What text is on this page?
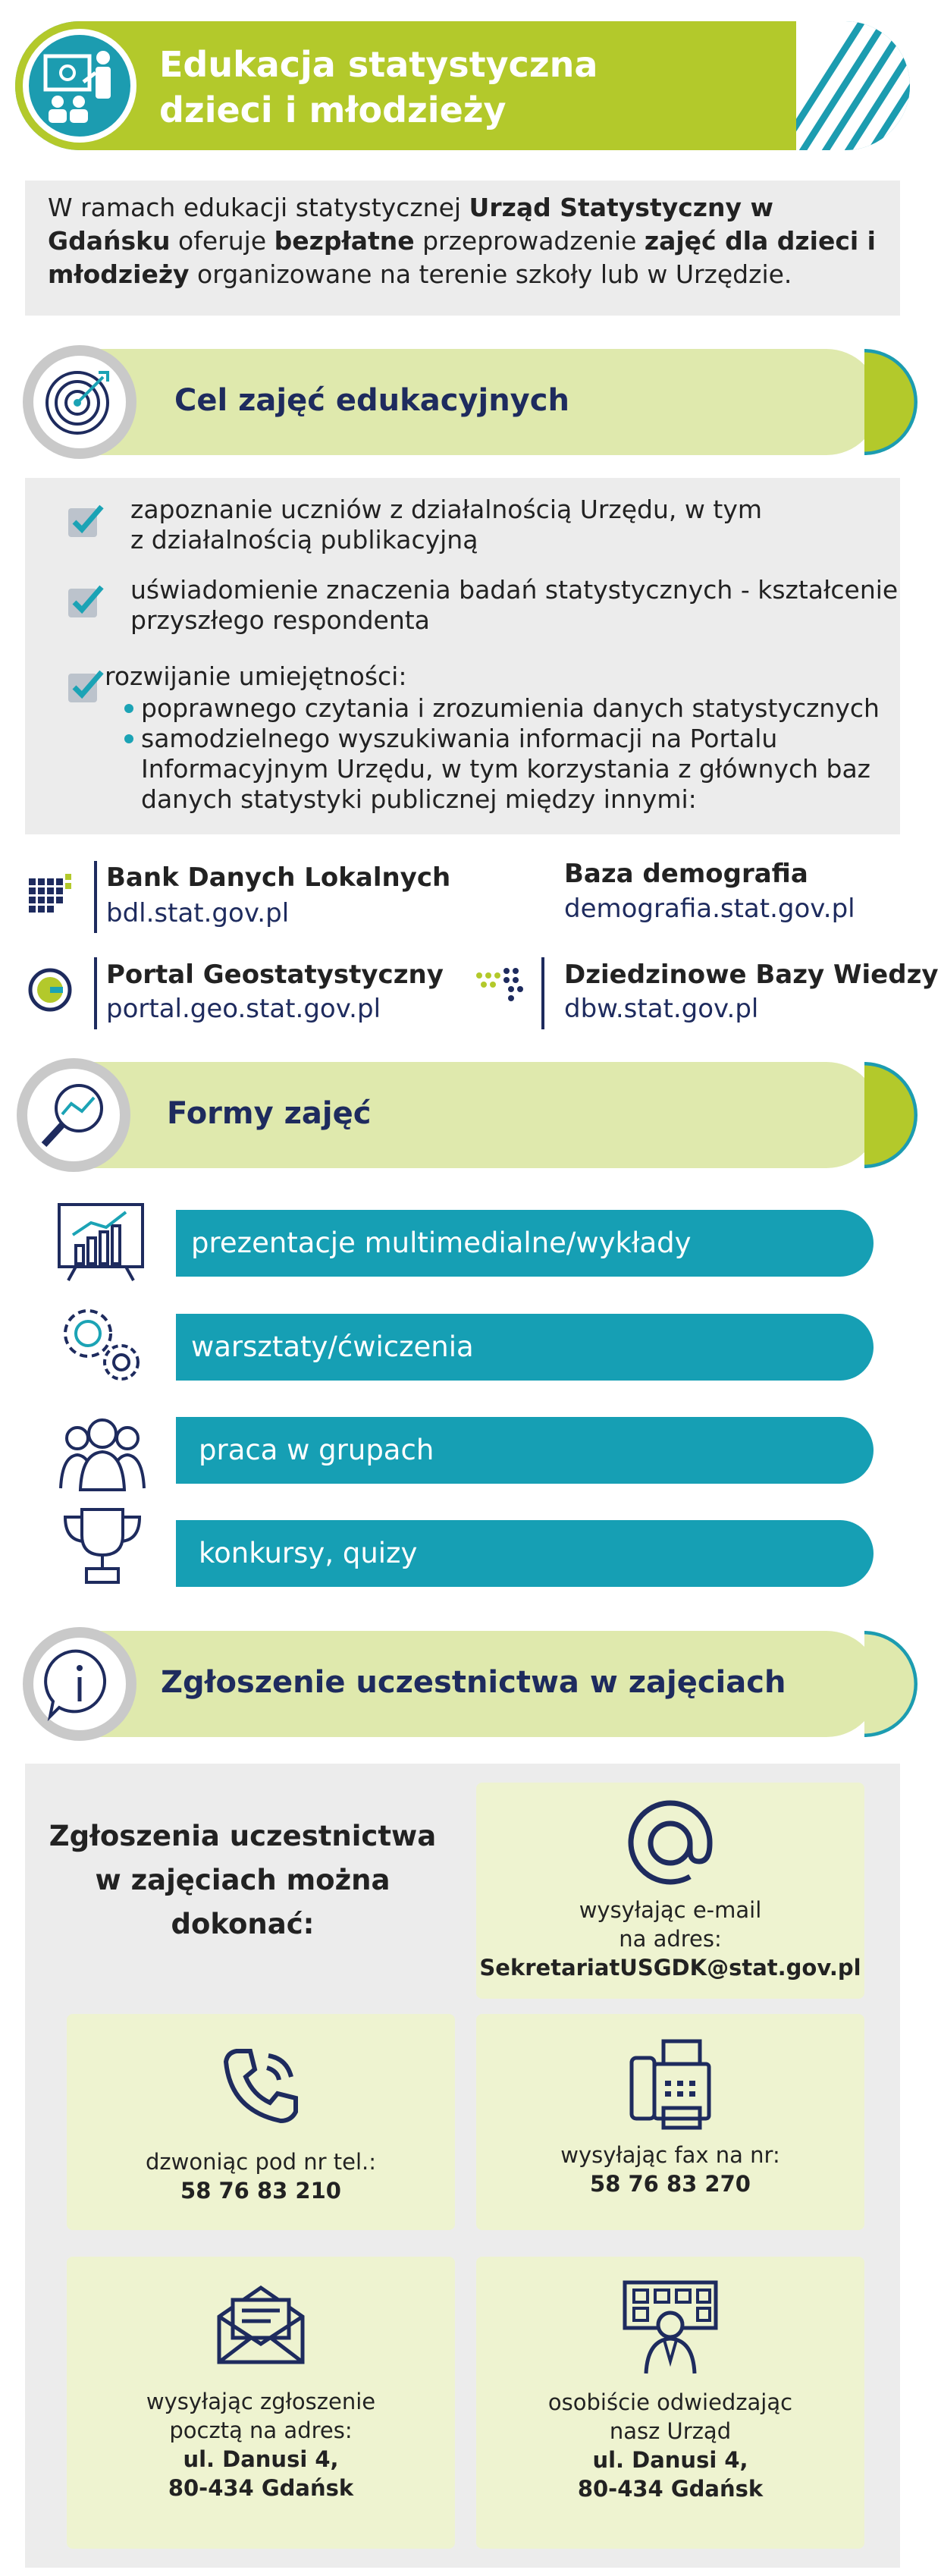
Edukacja statystyczna
dzieci i młodzieży
W ramach edukacji statystycznej Urząd Statystyczny w Gdańsku oferuje bezpłatne przeprowadzenie zajęć dla dzieci i młodzieży organizowane na terenie szkoły lub w Urzędzie.
Cel zajęć edukacyjnych
zapoznanie uczniów z działalnością Urzędu, w tym
z działalnością publikacyjną
uświadomienie znaczenia badań statystycznych - kształcenie
przyszłego respondenta
rozwijanie umiejętności:
poprawnego czytania i zrozumienia danych statystycznych
samodzielnego wyszukiwania informacji na Portalu
Informacyjnym Urzędu, w tym korzystania z głównych baz
danych statystyki publicznej między innymi:
Bank Danych Lokalnych
bdl.stat.gov.pl
Baza demografia
demografia.stat.gov.pl
Portal Geostatystyczny
portal.geo.stat.gov.pl
Dziedzinowe Bazy Wiedzy
dbw.stat.gov.pl
Formy zajęć
prezentacje multimedialne/wykłady
warsztaty/ćwiczenia
praca w grupach
konkursy, quizy
Zgłoszenie uczestnictwa w zajęciach
Zgłoszenia uczestnictwa
w zajęciach można
dokonać:	wysyłając e-mail
na adres:
SekretariatUSGDK@stat.gov.pl
dzwoniąc pod nr tel.:
58 76 83 210
wysyłając fax na nr:
58 76 83 270
wysyłając zgłoszenie
pocztą na adres:
ul. Danusi 4,
80-434 Gdańsk
osobiście odwiedzając
nasz Urząd
ul. Danusi 4,
80-434 Gdańsk
